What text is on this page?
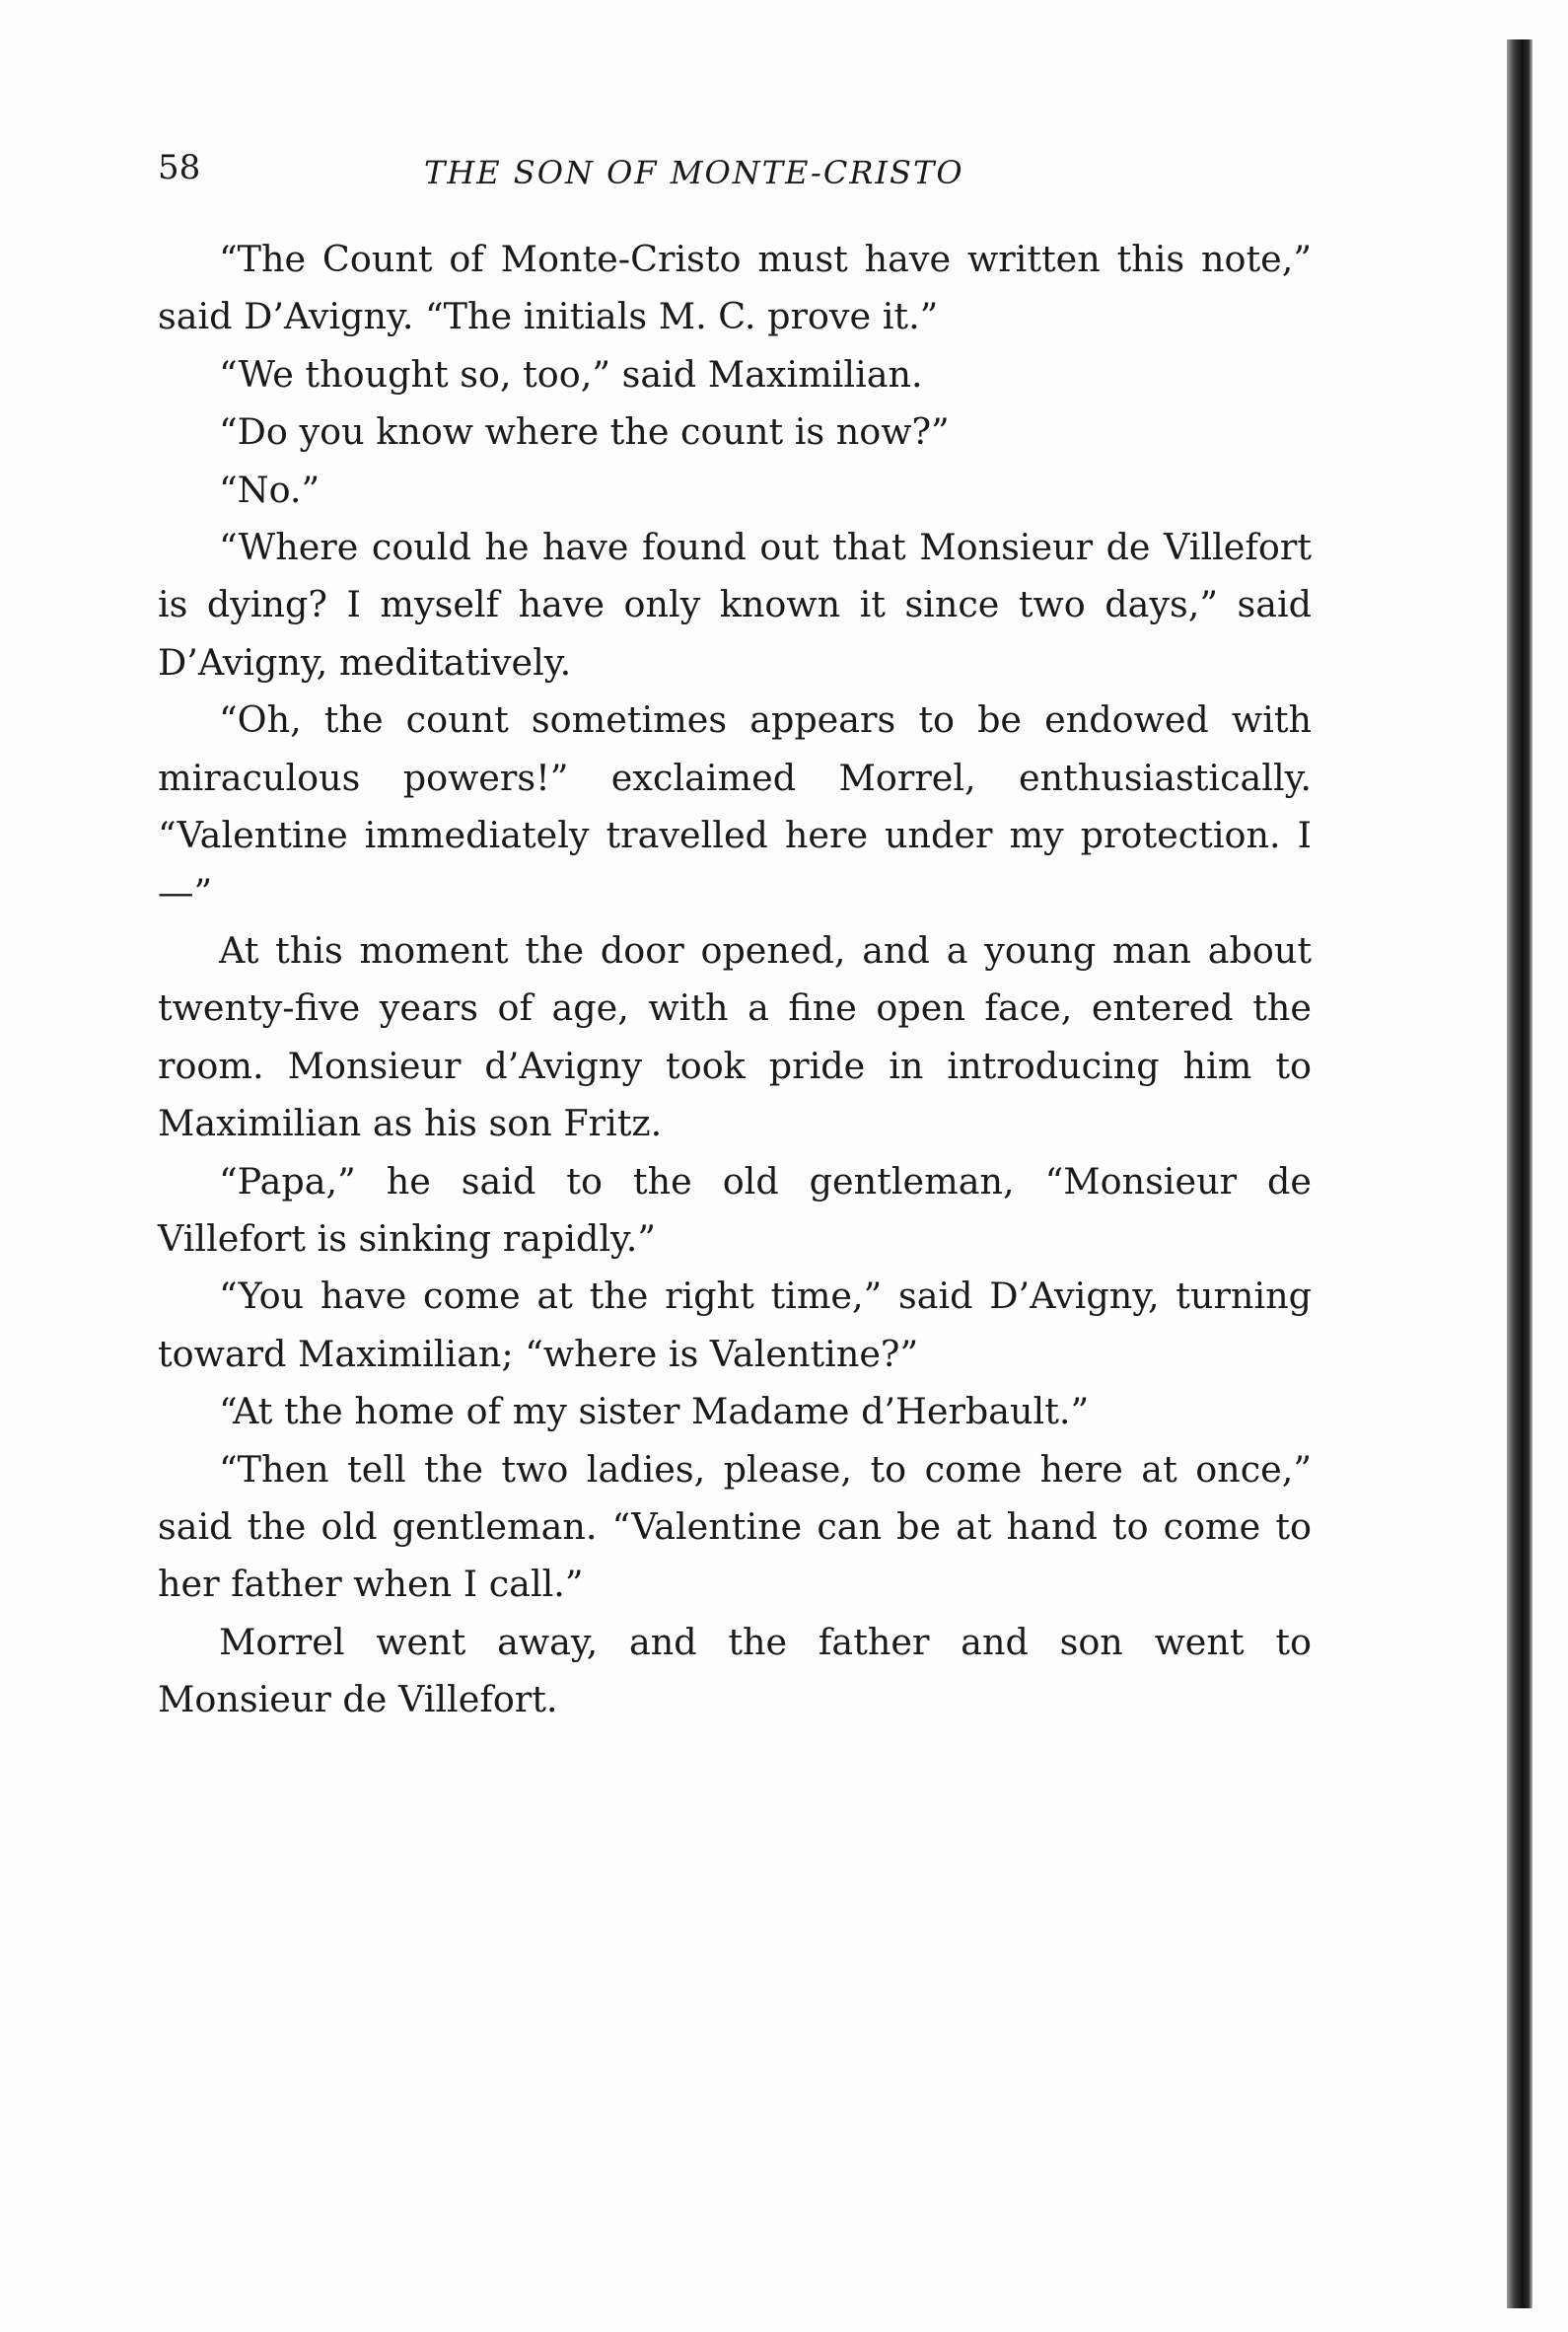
58	THE SON OF MONTE-CRISTO

“The Count of Monte-Cristo must have written this note,” said D’Avigny. “The initials M. C. prove it.”

“We thought so, too,” said Maximilian.

“Do you know where the count is now?”

“No.”

“Where could he have found out that Monsieur de Villefort is dying? I myself have only known it since two days,” said D’Avigny, meditatively.

“Oh, the count sometimes appears to be endowed with miraculous powers!” exclaimed Morrel, enthusiastically. “Valentine immediately travelled here under my protection. I—”

At this moment the door opened, and a young man about twenty-five years of age, with a fine open face, entered the room. Monsieur d’Avigny took pride in introducing him to Maximilian as his son Fritz.

“Papa,” he said to the old gentleman, “Monsieur de Villefort is sinking rapidly.”

“You have come at the right time,” said D’Avigny, turning toward Maximilian; “where is Valentine?”

“At the home of my sister Madame d’Herbault.”

“Then tell the two ladies, please, to come here at once,” said the old gentleman. “Valentine can be at hand to come to her father when I call.”

Morrel went away, and the father and son went to Monsieur de Villefort.
